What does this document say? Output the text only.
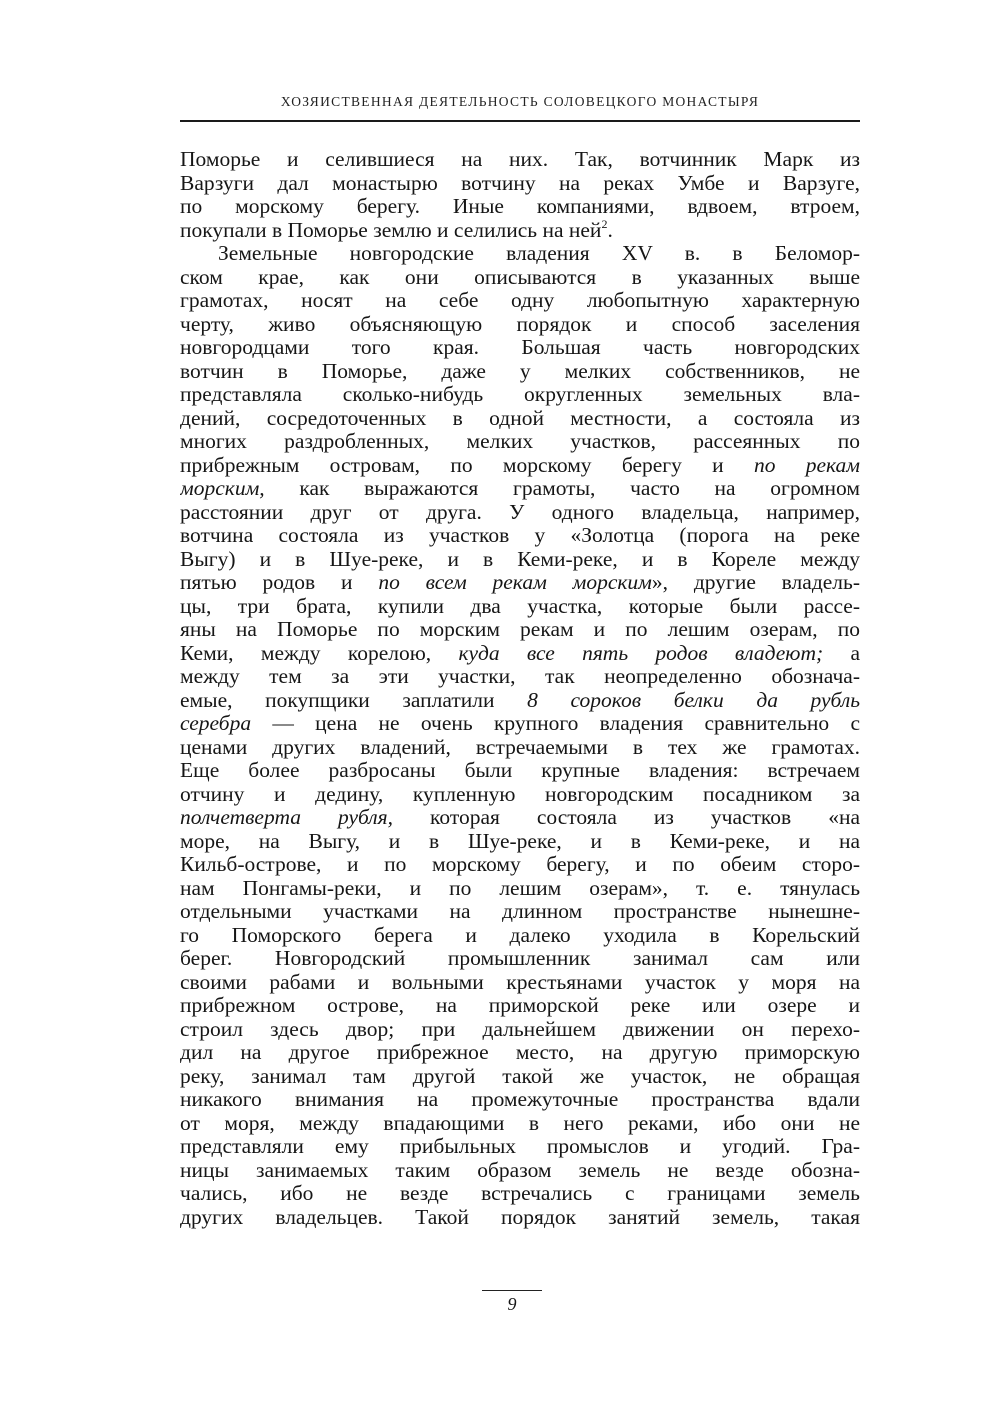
ХОЗЯИСТВЕННАЯ ДЕЯТЕЛЬНОСТЬ СОЛОВЕЦКОГО МОНАСТЫРЯ
Поморье и селившиеся на них. Так, вотчинник Марк из
Варзуги дал монастырю вотчину на реках Умбе и Варзуге,
по морскому берегу. Иные компаниями, вдвоем, втроем,
покупали в Поморье землю и селились на ней$^2$.
Земельные новгородские владения XV в. в Беломор-
ском крае, как они описываются в указанных выше
грамотах, носят на себе одну любопытную характерную
черту, живо объясняющую порядок и способ заселения
новгородцами того края. Большая часть новгородских
вотчин в Поморье, даже у мелких собственников, не
представляла сколько-нибудь округленных земельных вла-
дений, сосредоточенных в одной местности, а состояла из
многих раздробленных, мелких участков, рассеянных по
прибрежным островам, по морскому берегу и по рекам
морским, как выражаются грамоты, часто на огромном
расстоянии друг от друга. У одного владельца, например,
вотчина состояла из участков у «Золотца (порога на реке
Выгу) и в Шуе-реке, и в Кеми-реке, и в Кореле между
пятью родов и по всем рекам морским», другие владель-
цы, три брата, купили два участка, которые были рассе-
яны на Поморье по морским рекам и по лешим озерам, по
Кеми, между корелою, куда все пять родов владеют; а
между тем за эти участки, так неопределенно обознача-
емые, покупщики заплатили 8 сороков белки да рубль
серебра — цена не очень крупного владения сравнительно с
ценами других владений, встречаемыми в тех же грамотах.
Еще более разбросаны были крупные владения: встречаем
отчину и дедину, купленную новгородским посадником за
полчетверта рубля, которая состояла из участков «на
море, на Выгу, и в Шуе-реке, и в Кеми-реке, и на
Кильб-острове, и по морскому берегу, и по обеим сторо-
нам Понгамы-реки, и по лешим озерам», т. е. тянулась
отдельными участками на длинном пространстве нынешне-
го Поморского берега и далеко уходила в Корельский
берег. Новгородский промышленник занимал сам или
своими рабами и вольными крестьянами участок у моря на
прибрежном острове, на приморской реке или озере и
строил здесь двор; при дальнейшем движении он перехо-
дил на другое прибрежное место, на другую приморскую
реку, занимал там другой такой же участок, не обращая
никакого внимания на промежуточные пространства вдали
от моря, между впадающими в него реками, ибо они не
представляли ему прибыльных промыслов и угодий. Гра-
ницы занимаемых таким образом земель не везде обозна-
чались, ибо не везде встречались с границами земель
других владельцев. Такой порядок занятий земель, такая
9
